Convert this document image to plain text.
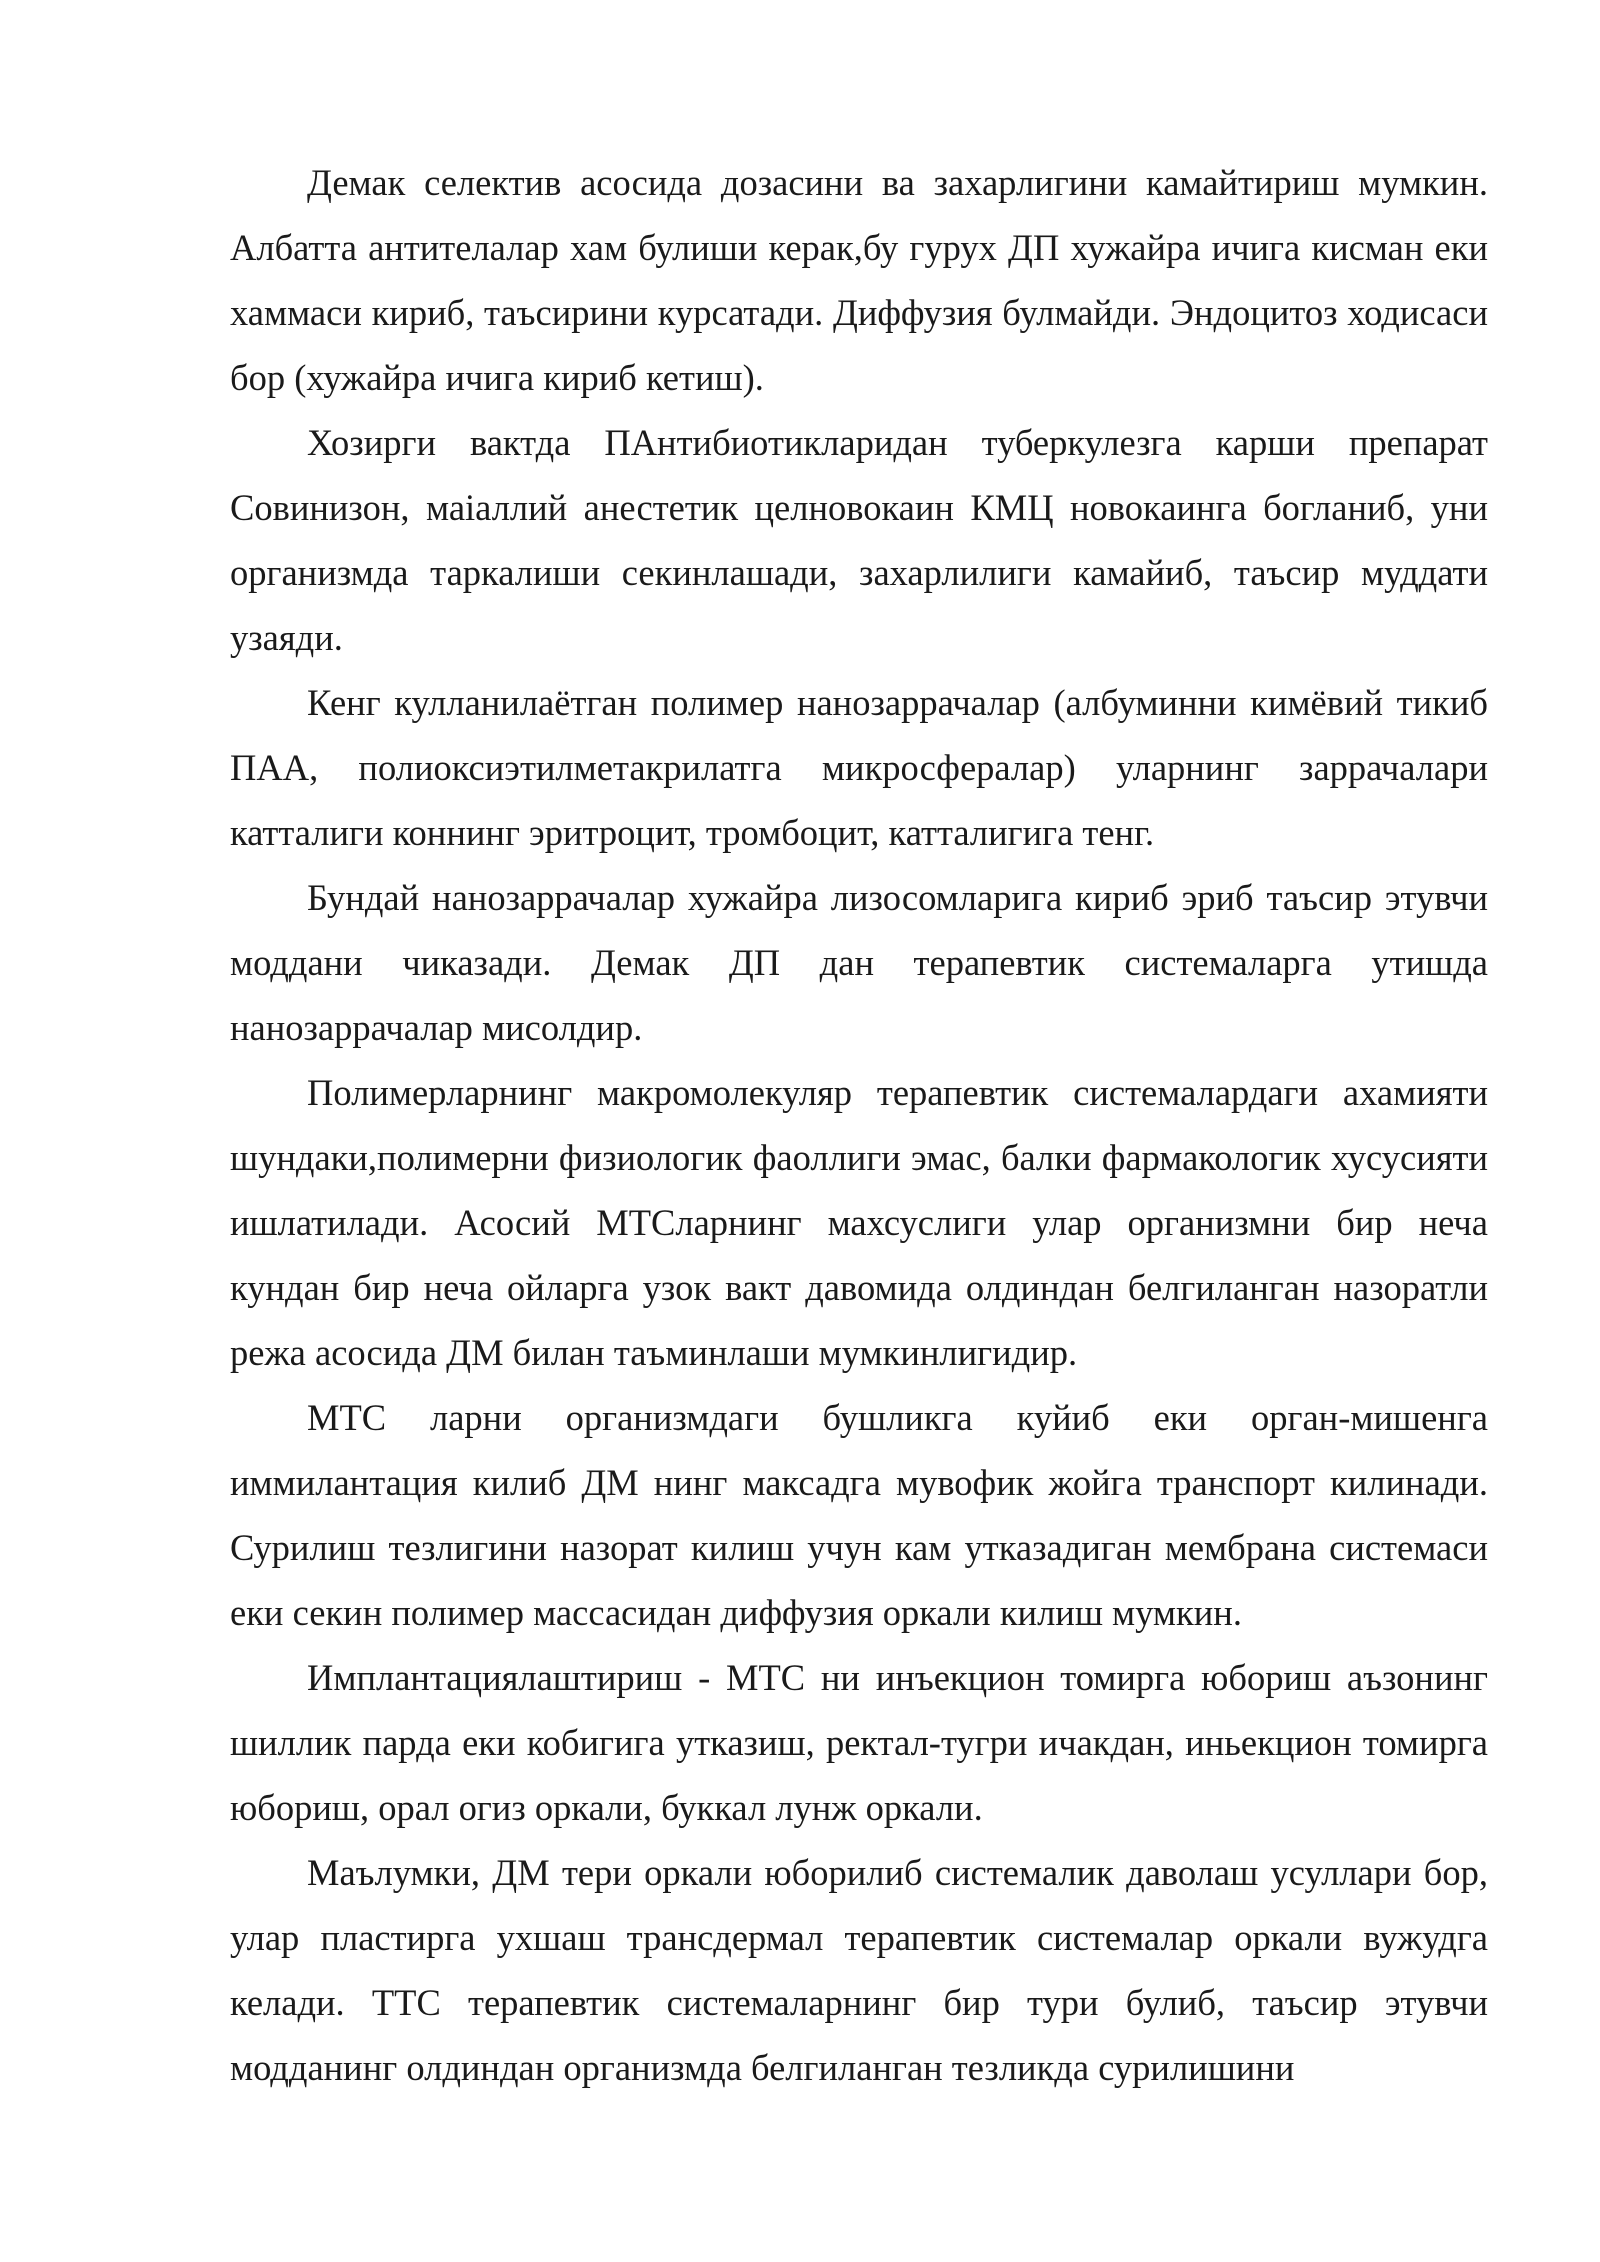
Демак селектив асосида дозасини ва захарлигини камайтириш мумкин. Албатта антителалар хам булиши керак,бу гурух ДП хужайра ичига кисман еки хаммаси кириб, таъсирини курсатади. Диффузия булмайди. Эндоцитоз ходисаси бор (хужайра ичига кириб кетиш).

Хозирги вактда ПАнтибиотикларидан туберкулезга карши препарат Совинизон, маiаллий анестетик целновокаин КМЦ новокаинга богланиб, уни организмда таркалиши секинлашади, захарлилиги камайиб, таъсир муддати узаяди.

Кенг кулланилаётган полимер нанозаррачалар (албуминни кимёвий тикиб ПАА, полиоксиэтилметакрилатга микросфералар) уларнинг заррачалари катталиги коннинг эритроцит, тромбоцит, катталигига тенг.

Бундай нанозаррачалар хужайра лизосомларига кириб эриб таъсир этувчи моддани чиказади. Демак ДП дан терапевтик системаларга утишда нанозаррачалар мисолдир.

Полимерларнинг макромолекуляр терапевтик системалардаги ахамияти шундаки,полимерни физиологик фаоллиги эмас, балки фармакологик хусусияти ишлатилади. Асосий МТСларнинг махсуслиги улар организмни бир неча кундан бир неча ойларга узок вакт давомида олдиндан белгиланган назоратли режа асосида ДМ билан таъминлаши мумкинлигидир.

МТС ларни организмдаги бушликга куйиб еки орган-мишенга иммилантация килиб ДМ нинг максадга мувофик жойга транспорт килинади. Сурилиш тезлигини назорат килиш учун кам утказадиган мембрана системаси еки секин полимер массасидан диффузия оркали килиш мумкин.

Имплантациялаштириш - МТС ни инъекцион томирга юбориш аъзонинг шиллик парда еки кобигига утказиш, ректал-тугри ичакдан, иньекцион томирга юбориш, орал огиз оркали, буккал лунж оркали.

Маълумки, ДМ тери оркали юборилиб системалик даволаш усуллари бор, улар пластирга ухшаш трансдермал терапевтик системалар оркали вужудга келади. ТТС терапевтик системаларнинг бир тури булиб, таъсир этувчи модданинг олдиндан организмда белгиланган тезликда сурилишини
